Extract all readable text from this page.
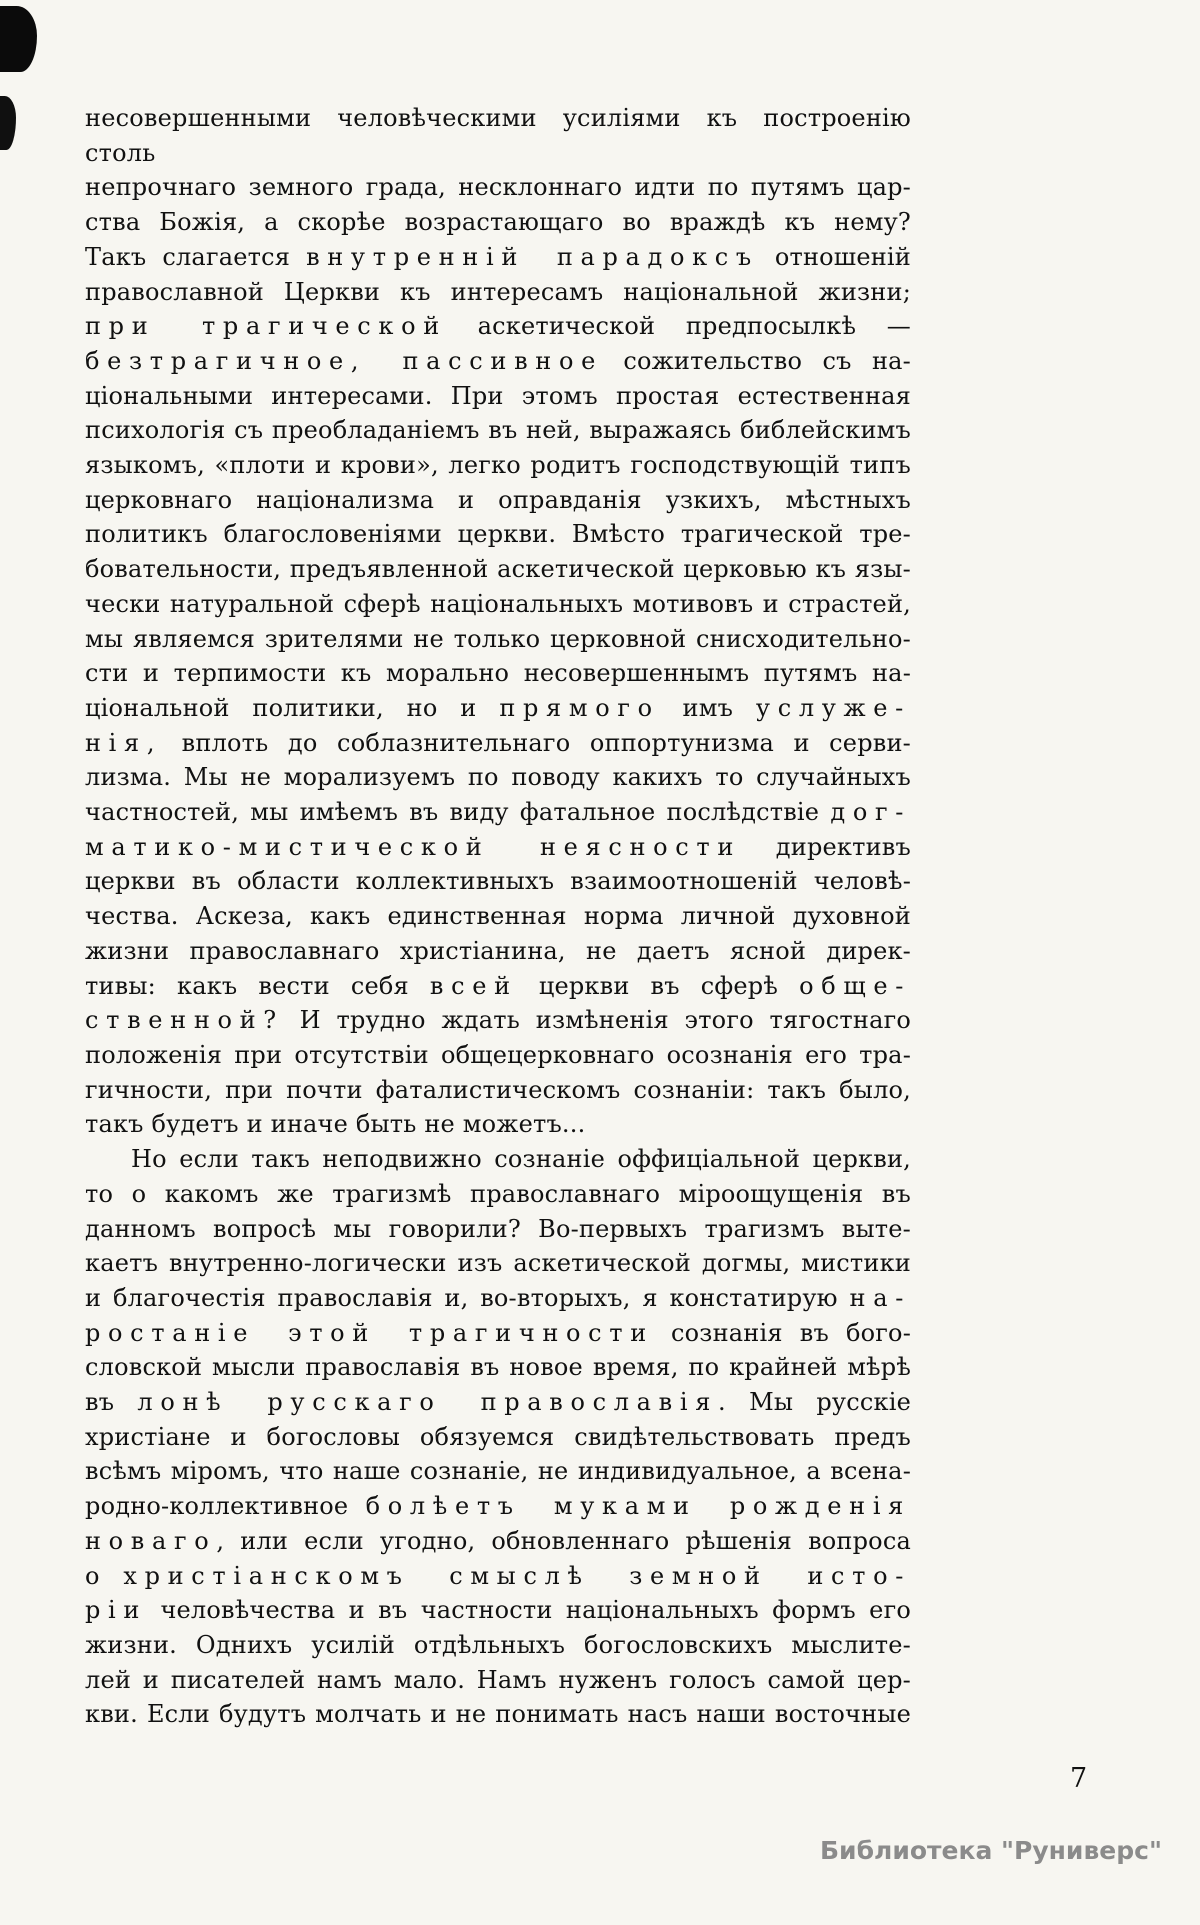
несовершенными человѣческими усиліями къ построенію столь
непрочнаго земного града, несклоннаго идти по путямъ цар-
ства Божія, а скорѣе возрастающаго во враждѣ къ нему?
Такъ слагается внутренній парадоксъ отношеній
православной Церкви къ интересамъ національной жизни;
при трагической аскетической предпосылкѣ —
безтрагичное, пассивное сожительство съ на-
ціональными интересами. При этомъ простая естественная
психологія съ преобладаніемъ въ ней, выражаясь библейскимъ
языкомъ, «плоти и крови», легко родитъ господствующій типъ
церковнаго націонализма и оправданія узкихъ, мѣстныхъ
политикъ благословеніями церкви. Вмѣсто трагической тре-
бовательности, предъявленной аскетической церковью къ язы-
чески натуральной сферѣ національныхъ мотивовъ и страстей,
мы являемся зрителями не только церковной снисходительно-
сти и терпимости къ морально несовершеннымъ путямъ на-
ціональной политики, но и прямого имъ услуже-
нія, вплоть до соблазнительнаго оппортунизма и серви-
лизма. Мы не морализуемъ по поводу какихъ то случайныхъ
частностей, мы имѣемъ въ виду фатальное послѣдствіе дог-
матико-мистической неясности директивъ
церкви въ области коллективныхъ взаимоотношеній человѣ-
чества. Аскеза, какъ единственная норма личной духовной
жизни православнаго христіанина, не даетъ ясной дирек-
тивы: какъ вести себя всей церкви въ сферѣ обще-
ственной? И трудно ждать измѣненія этого тягостнаго
положенія при отсутствіи общецерковнаго осознанія его тра-
гичности, при почти фаталистическомъ сознаніи: такъ было,
такъ будетъ и иначе быть не можетъ...
Но если такъ неподвижно сознаніе оффиціальной церкви,
то о какомъ же трагизмѣ православнаго міроощущенія въ
данномъ вопросѣ мы говорили? Во-первыхъ трагизмъ выте-
каетъ внутренно-логически изъ аскетической догмы, мистики
и благочестія православія и, во-вторыхъ, я констатирую на-
ростаніе этой трагичности сознанія въ бого-
словской мысли православія въ новое время, по крайней мѣрѣ
въ лонѣ русскаго православія. Мы русскіе
христіане и богословы обязуемся свидѣтельствовать предъ
всѣмъ міромъ, что наше сознаніе, не индивидуальное, а всена-
родно-коллективное болѣетъ муками рожденія
новаго, или если угодно, обновленнаго рѣшенія вопроса
о христіанскомъ смыслѣ земной исто-
ріи человѣчества и въ частности національныхъ формъ его
жизни. Однихъ усилій отдѣльныхъ богословскихъ мыслите-
лей и писателей намъ мало. Намъ нуженъ голосъ самой цер-
кви. Если будутъ молчать и не понимать насъ наши восточные
7
Библиотека "Руниверс"
